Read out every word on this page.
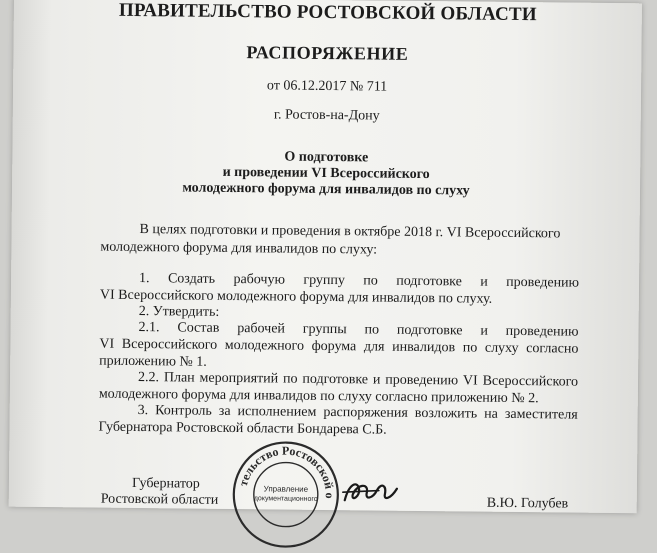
ПРАВИТЕЛЬСТВО РОСТОВСКОЙ ОБЛАСТИ
РАСПОРЯЖЕНИЕ
от 06.12.2017 № 711
г. Ростов-на-Дону
О подготовке
и проведении VI Всероссийского
молодежного форума для инвалидов по слуху
В целях подготовки и проведения в октябре 2018 г. VI Всероссийского
молодежного форума для инвалидов по слуху:
1. Создать рабочую группу по подготовке и проведению
VI Всероссийского молодежного форума для инвалидов по слуху.
2. Утвердить:
2.1. Состав рабочей группы по подготовке и проведению
VI Всероссийского молодежного форума для инвалидов по слуху согласно
приложению № 1.
2.2. План мероприятий по подготовке и проведению VI Всероссийского
молодежного форума для инвалидов по слуху согласно приложению № 2.
3. Контроль за исполнением распоряжения возложить на заместителя
Губернатора Ростовской области Бондарева С.Б.
Губернатор
Ростовской области	В.Ю. Голубев
тельство Ростовской о
Управление
документационного
